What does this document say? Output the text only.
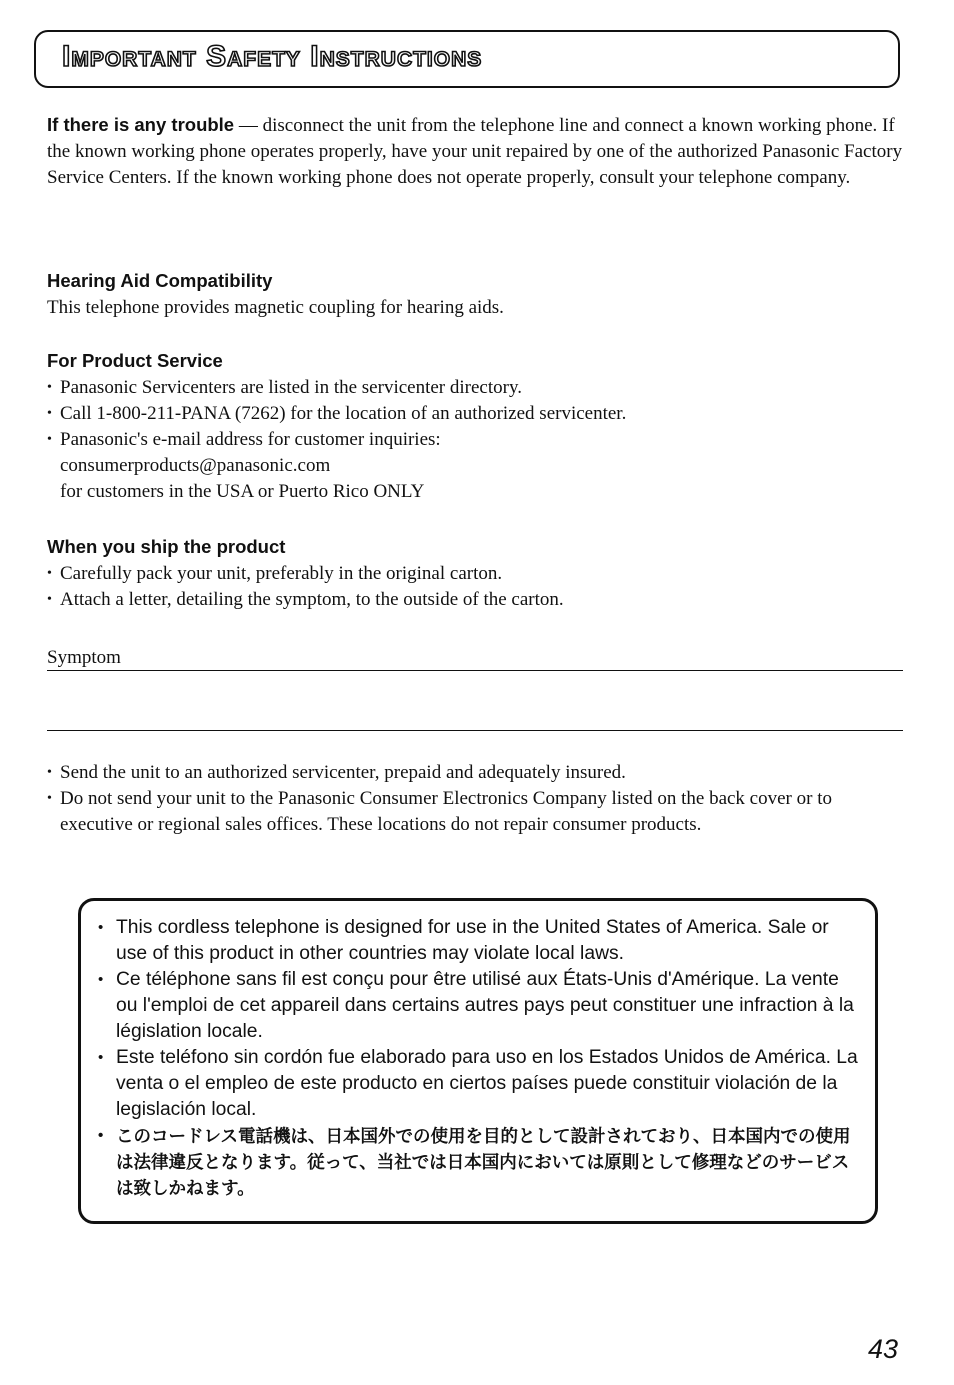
Important Safety Instructions
If there is any trouble — disconnect the unit from the telephone line and connect a known working phone. If the known working phone operates properly, have your unit repaired by one of the authorized Panasonic Factory Service Centers. If the known working phone does not operate properly, consult your telephone company.
Hearing Aid Compatibility
This telephone provides magnetic coupling for hearing aids.
For Product Service
• Panasonic Servicenters are listed in the servicenter directory.
• Call 1-800-211-PANA (7262) for the location of an authorized servicenter.
• Panasonic's e-mail address for customer inquiries:
consumerproducts@panasonic.com
for customers in the USA or Puerto Rico ONLY
When you ship the product
• Carefully pack your unit, preferably in the original carton.
• Attach a letter, detailing the symptom, to the outside of the carton.
Symptom
• Send the unit to an authorized servicenter, prepaid and adequately insured.
• Do not send your unit to the Panasonic Consumer Electronics Company listed on the back cover or to executive or regional sales offices. These locations do not repair consumer products.
• This cordless telephone is designed for use in the United States of America. Sale or use of this product in other countries may violate local laws.
• Ce téléphone sans fil est conçu pour être utilisé aux États-Unis d'Amérique. La vente ou l'emploi de cet appareil dans certains autres pays peut constituer une infraction à la législation locale.
• Este teléfono sin cordón fue elaborado para uso en los Estados Unidos de América. La venta o el empleo de este producto en ciertos países puede constituir violación de la legislación local.
• このコードレス電話機は、日本国外での使用を目的として設計されており、日本国内での使用は法律違反となります。従って、当社では日本国内においては原則として修理などのサービスは致しかねます。
43
